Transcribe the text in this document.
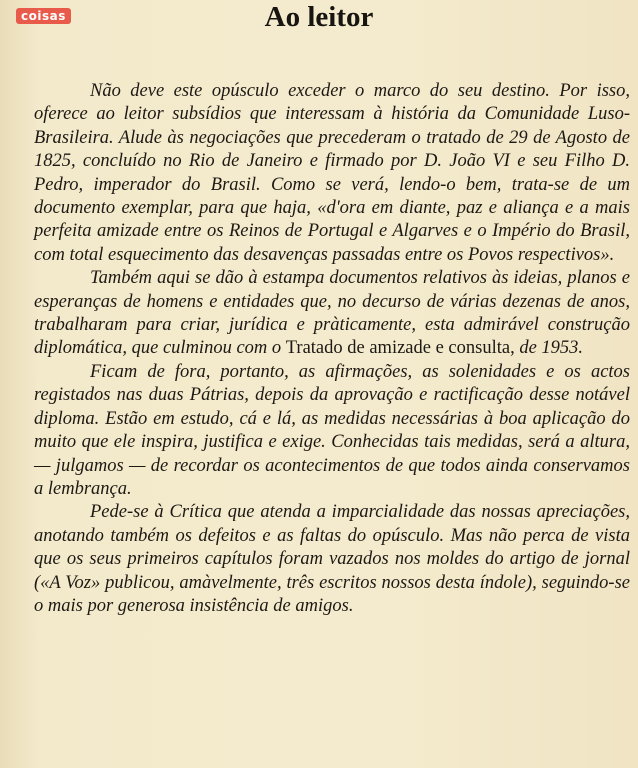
coisas	Ao leitor

Não deve este opúsculo exceder o marco do seu destino. Por isso, oferece ao leitor subsídios que interessam à história da Comunidade Luso-Brasileira. Alude às negociações que precederam o tratado de 29 de Agosto de 1825, concluído no Rio de Janeiro e firmado por D. João VI e seu Filho D. Pedro, imperador do Brasil. Como se verá, lendo-o bem, trata-se de um documento exemplar, para que haja, «d'ora em diante, paz e aliança e a mais perfeita amizade entre os Reinos de Portugal e Algarves e o Império do Brasil, com total esquecimento das desavenças passadas entre os Povos respectivos».

Também aqui se dão à estampa documentos relativos às ideias, planos e esperanças de homens e entidades que, no decurso de várias dezenas de anos, trabalharam para criar, jurídica e pràticamente, esta admirável construção diplomática, que culminou com o Tratado de amizade e consulta, de 1953.

Ficam de fora, portanto, as afirmações, as solenidades e os actos registados nas duas Pátrias, depois da aprovação e ractificação desse notável diploma. Estão em estudo, cá e lá, as medidas necessárias à boa aplicação do muito que ele inspira, justifica e exige. Conhecidas tais medidas, será a altura, — julgamos — de recordar os acontecimentos de que todos ainda conservamos a lembrança.

Pede-se à Crítica que atenda a imparcialidade das nossas apreciações, anotando também os defeitos e as faltas do opúsculo. Mas não perca de vista que os seus primeiros capítulos foram vazados nos moldes do artigo de jornal («A Voz» publicou, amàvelmente, três escritos nossos desta índole), seguindo-se o mais por generosa insistência de amigos.
